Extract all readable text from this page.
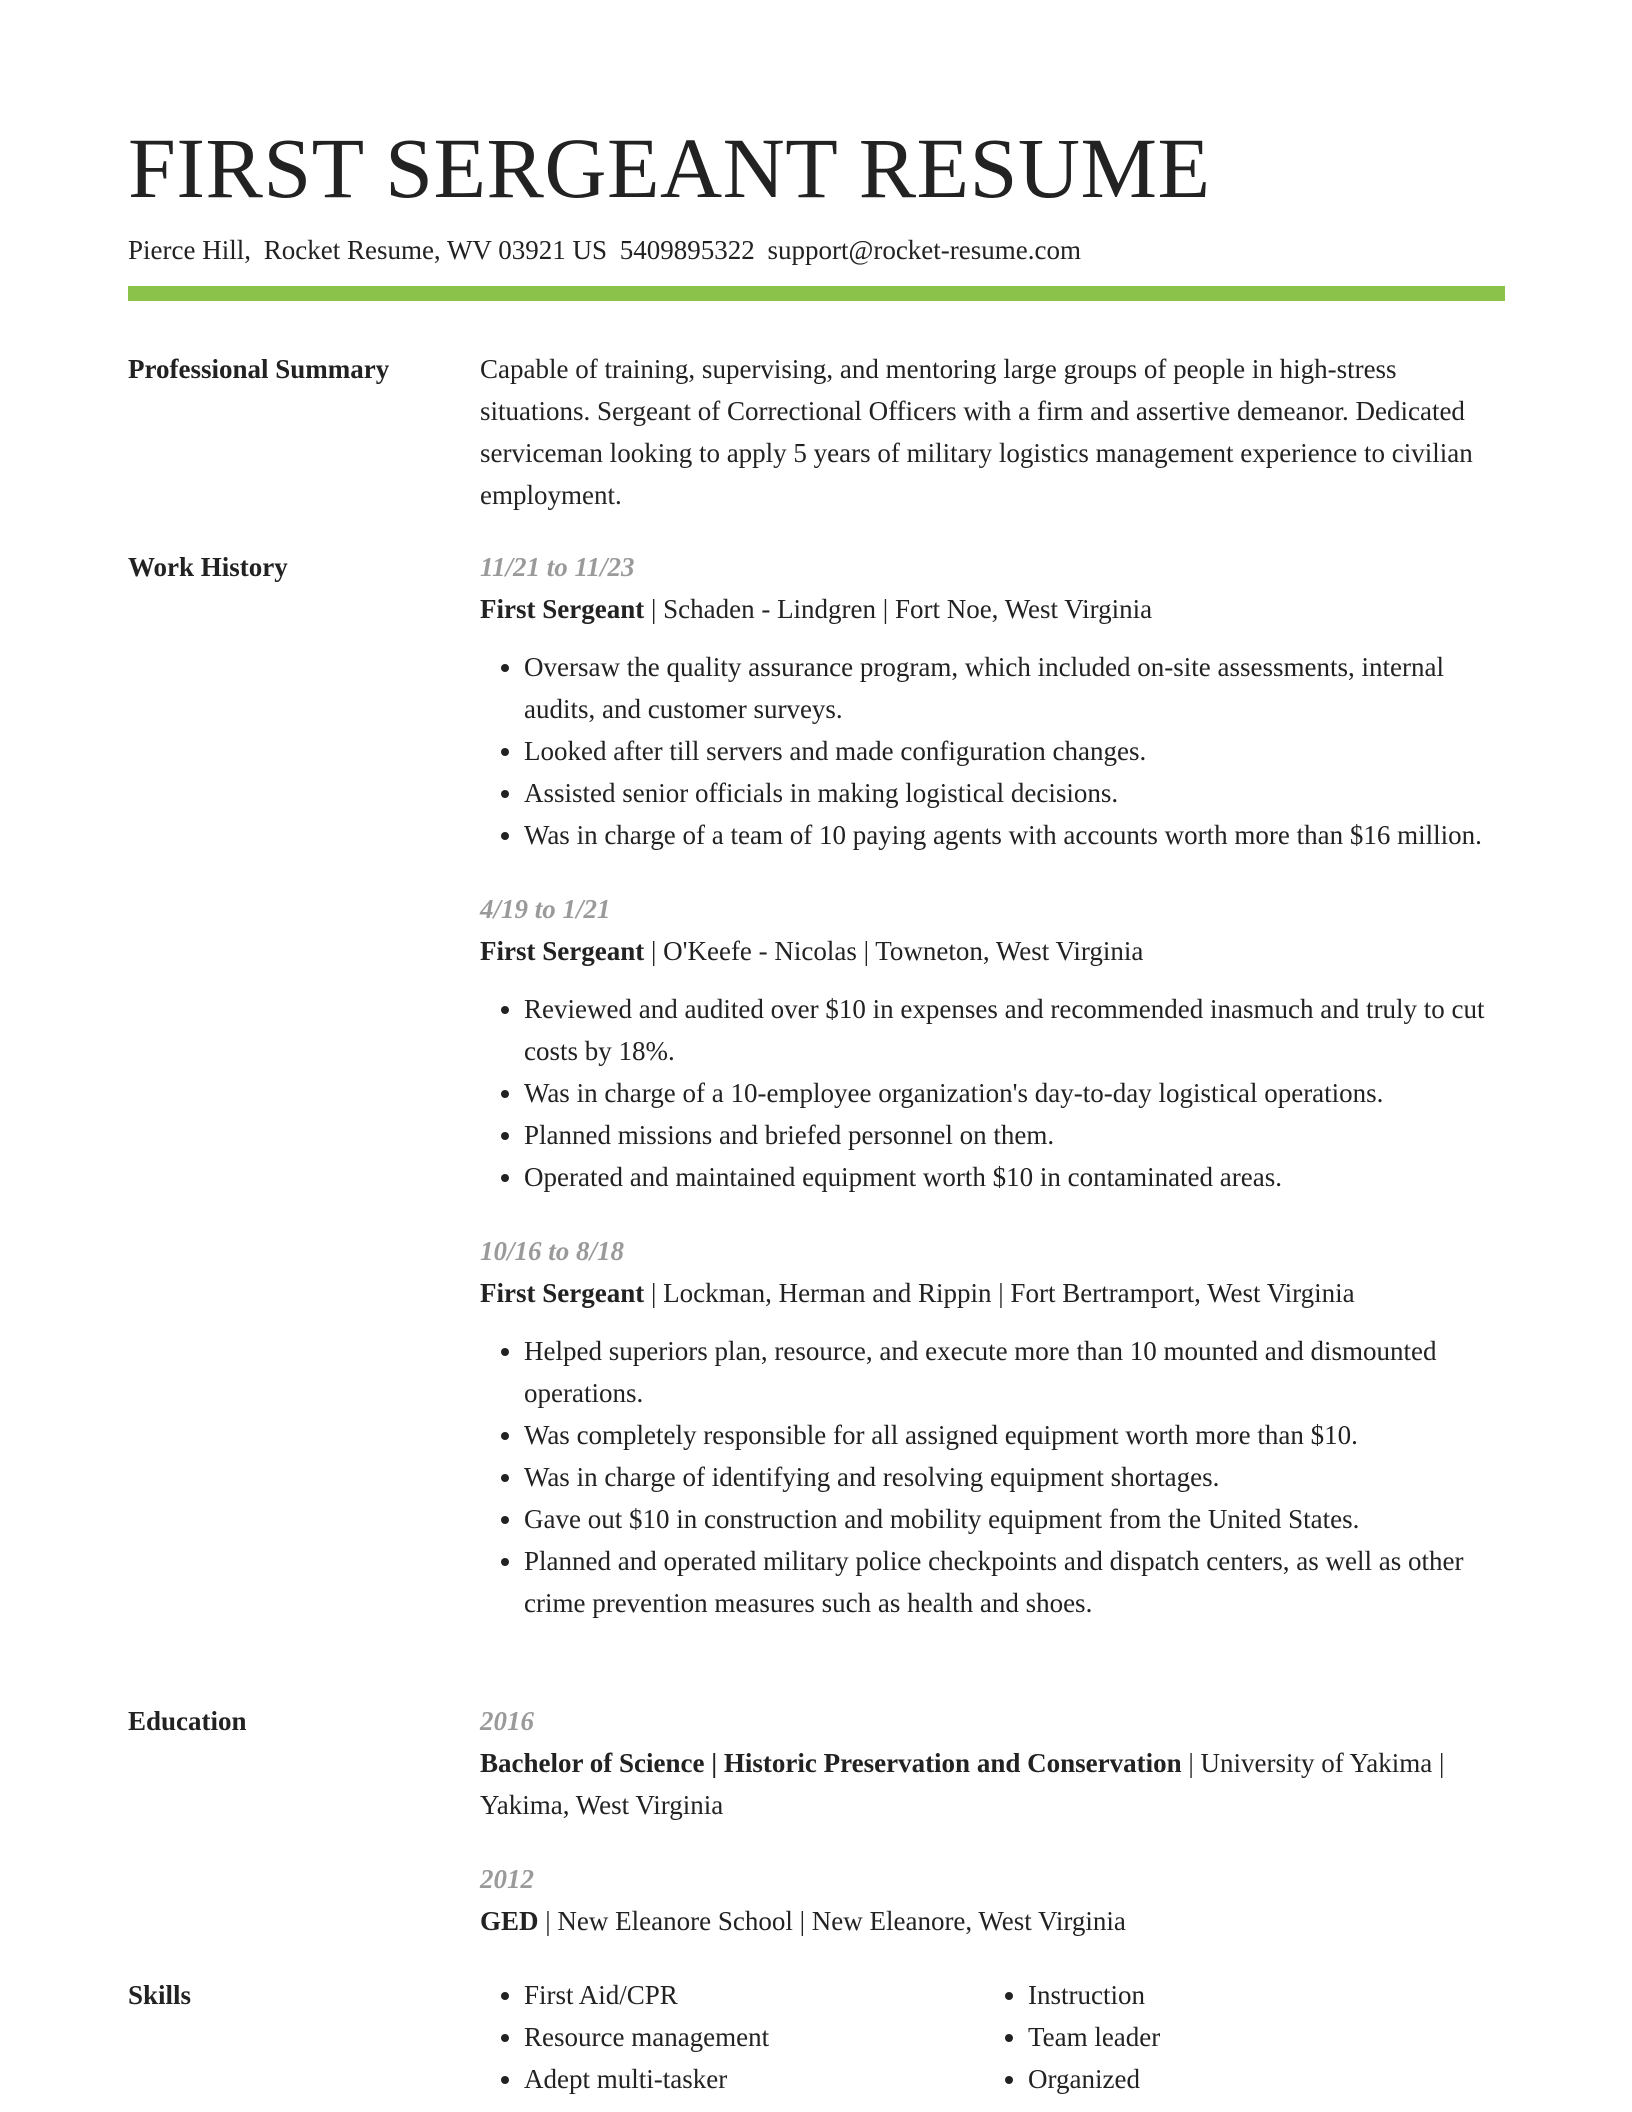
FIRST SERGEANT RESUME
Pierce Hill, Rocket Resume, WV 03921 US 5409895322 support@rocket-resume.com
Professional Summary	Capable of training, supervising, and mentoring large groups of people in high-stress situations. Sergeant of Correctional Officers with a firm and assertive demeanor. Dedicated serviceman looking to apply 5 years of military logistics management experience to civilian employment.

Work History	11/21 to 11/23

First Sergeant | Schaden - Lindgren | Fort Noe, West Virginia

• Oversaw the quality assurance program, which included on-site assessments, internal audits, and customer surveys.
• Looked after till servers and made configuration changes.
• Assisted senior officials in making logistical decisions.
• Was in charge of a team of 10 paying agents with accounts worth more than $16 million.

4/19 to 1/21

First Sergeant | O'Keefe - Nicolas | Towneton, West Virginia

• Reviewed and audited over $10 in expenses and recommended inasmuch and truly to cut costs by 18%.
• Was in charge of a 10-employee organization's day-to-day logistical operations.
• Planned missions and briefed personnel on them.
• Operated and maintained equipment worth $10 in contaminated areas.

10/16 to 8/18

First Sergeant | Lockman, Herman and Rippin | Fort Bertramport, West Virginia

• Helped superiors plan, resource, and execute more than 10 mounted and dismounted operations.
• Was completely responsible for all assigned equipment worth more than $10.
• Was in charge of identifying and resolving equipment shortages.
• Gave out $10 in construction and mobility equipment from the United States.
• Planned and operated military police checkpoints and dispatch centers, as well as other crime prevention measures such as health and shoes.
Education	2016

Bachelor of Science | Historic Preservation and Conservation | University of Yakima | Yakima, West Virginia

2012

GED | New Eleanore School | New Eleanore, West Virginia

Skills
•	First Aid/CPR
• Resource management
• Adept multi-tasker
• Instruction
• Team leader
• Organized
